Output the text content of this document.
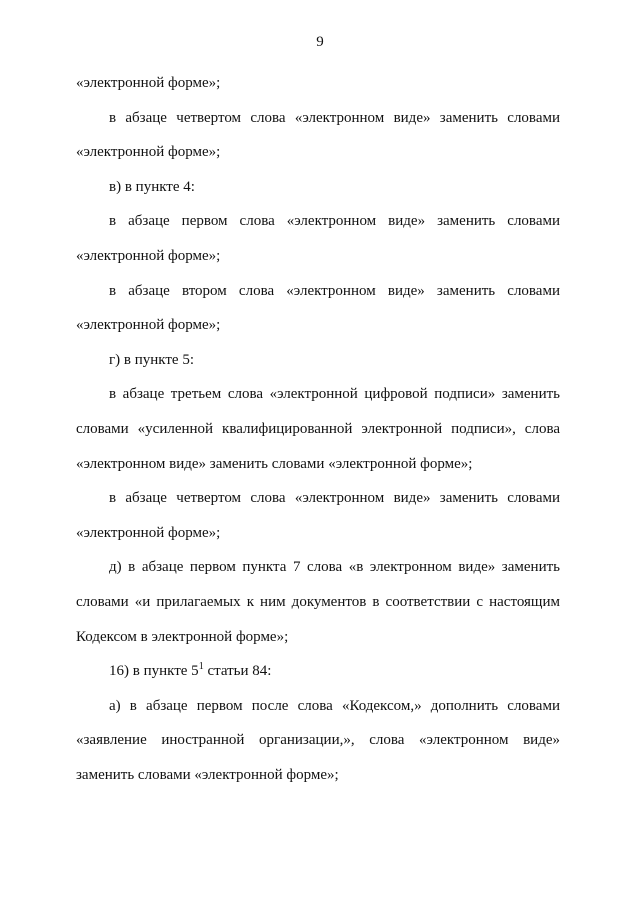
9

«электронной форме»;

в абзаце четвертом слова «электронном виде» заменить словами «электронной форме»;

в) в пункте 4:

в абзаце первом слова «электронном виде» заменить словами «электронной форме»;

в абзаце втором слова «электронном виде» заменить словами «электронной форме»;

г) в пункте 5:

в абзаце третьем слова «электронной цифровой подписи» заменить словами «усиленной квалифицированной электронной подписи», слова «электронном виде» заменить словами «электронной форме»;

в абзаце четвертом слова «электронном виде» заменить словами «электронной форме»;

д) в абзаце первом пункта 7 слова «в электронном виде» заменить словами «и прилагаемых к ним документов в соответствии с настоящим Кодексом в электронной форме»;

16) в пункте $5^1$ статьи 84:

а) в абзаце первом после слова «Кодексом,» дополнить словами «заявление иностранной организации,», слова «электронном виде» заменить словами «электронной форме»;
